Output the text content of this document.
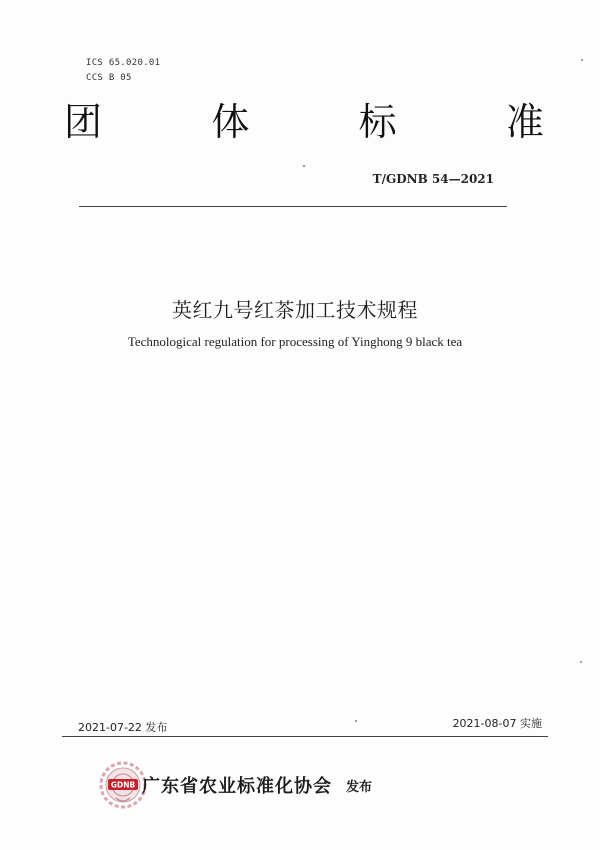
ICS 65.020.01
CCS B 05
团	体	标	准
T/GDNB 54—2021
英红九号红茶加工技术规程
Technological regulation for processing of Yinghong 9 black tea
2021-07-22 发布	2021-08-07 实施
GDNB 广东省农业标准化协会 发布
